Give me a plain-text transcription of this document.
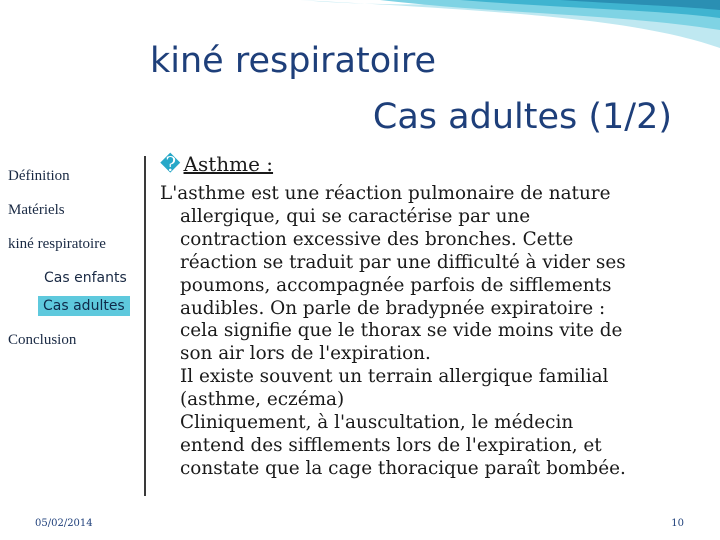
kiné respiratoire
Cas adultes (1/2)
Définition
Matériels
kiné respiratoire
Cas enfants
Cas adultes
Conclusion
� Asthme :

L'asthme est une réaction pulmonaire de nature

allergique, qui se caractérise par une

contraction excessive des bronches. Cette

réaction se traduit par une difficulté à vider ses

poumons, accompagnée parfois de sifflements

audibles. On parle de bradypnée expiratoire :

cela signifie que le thorax se vide moins vite de

son air lors de l'expiration.

Il existe souvent un terrain allergique familial

(asthme, eczéma)

Cliniquement, à l'auscultation, le médecin

entend des sifflements lors de l'expiration, et

constate que la cage thoracique paraît bombée.

05/02/2014	10
